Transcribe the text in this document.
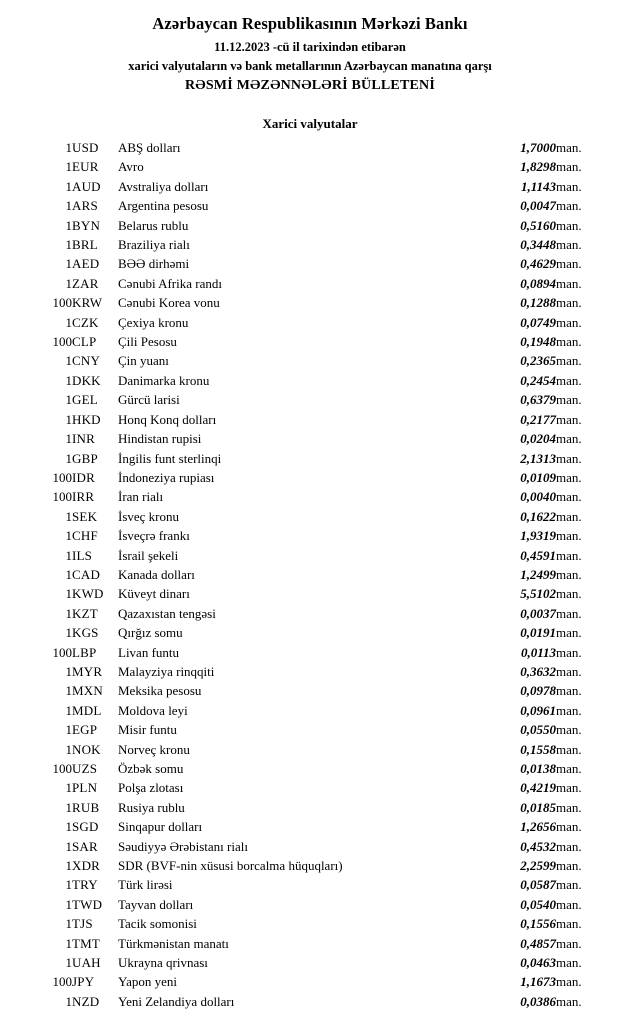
Azərbaycan Respublikasının Mərkəzi Bankı
11.12.2023 -cü il tarixindən etibarən
xarici valyutaların və bank metallarının Azərbaycan manatına qarşı
RƏSMİ MƏZƏNNƏLƏRİ BÜLLETENİ
Xarici valyutalar
1	USD	ABŞ dolları	1,7000	man.
1	EUR	Avro	1,8298	man.
1	AUD	Avstraliya dolları	1,1143	man.
1	ARS	Argentina pesosu	0,0047	man.
1	BYN	Belarus rublu	0,5160	man.
1	BRL	Braziliya rialı	0,3448	man.
1	AED	BƏƏ dirhəmi	0,4629	man.
1	ZAR	Cənubi Afrika randı	0,0894	man.
100	KRW	Cənubi Korea vonu	0,1288	man.
1	CZK	Çexiya kronu	0,0749	man.
100	CLP	Çili Pesosu	0,1948	man.
1	CNY	Çin yuanı	0,2365	man.
1	DKK	Danimarka kronu	0,2454	man.
1	GEL	Gürcü larisi	0,6379	man.
1	HKD	Honq Konq dolları	0,2177	man.
1	INR	Hindistan rupisi	0,0204	man.
1	GBP	İngilis funt sterlinqi	2,1313	man.
100	IDR	İndoneziya rupiası	0,0109	man.
100	IRR	İran rialı	0,0040	man.
1	SEK	İsveç kronu	0,1622	man.
1	CHF	İsveçrə frankı	1,9319	man.
1	ILS	İsrail şekeli	0,4591	man.
1	CAD	Kanada dolları	1,2499	man.
1	KWD	Küveyt dinarı	5,5102	man.
1	KZT	Qazaxıstan tengəsi	0,0037	man.
1	KGS	Qırğız somu	0,0191	man.
100	LBP	Livan funtu	0,0113	man.
1	MYR	Malayziya rinqqiti	0,3632	man.
1	MXN	Meksika pesosu	0,0978	man.
1	MDL	Moldova leyi	0,0961	man.
1	EGP	Misir funtu	0,0550	man.
1	NOK	Norveç kronu	0,1558	man.
100	UZS	Özbək somu	0,0138	man.
1	PLN	Polşa zlotası	0,4219	man.
1	RUB	Rusiya rublu	0,0185	man.
1	SGD	Sinqapur dolları	1,2656	man.
1	SAR	Səudiyyə Ərəbistanı rialı	0,4532	man.
1	XDR	SDR (BVF-nin xüsusi borcalma hüquqları)	2,2599	man.
1	TRY	Türk lirəsi	0,0587	man.
1	TWD	Tayvan dolları	0,0540	man.
1	TJS	Tacik somonisi	0,1556	man.
1	TMT	Türkmənistan manatı	0,4857	man.
1	UAH	Ukrayna qrivnası	0,0463	man.
100	JPY	Yapon yeni	1,1673	man.
1	NZD	Yeni Zelandiya dolları	0,0386	man.
